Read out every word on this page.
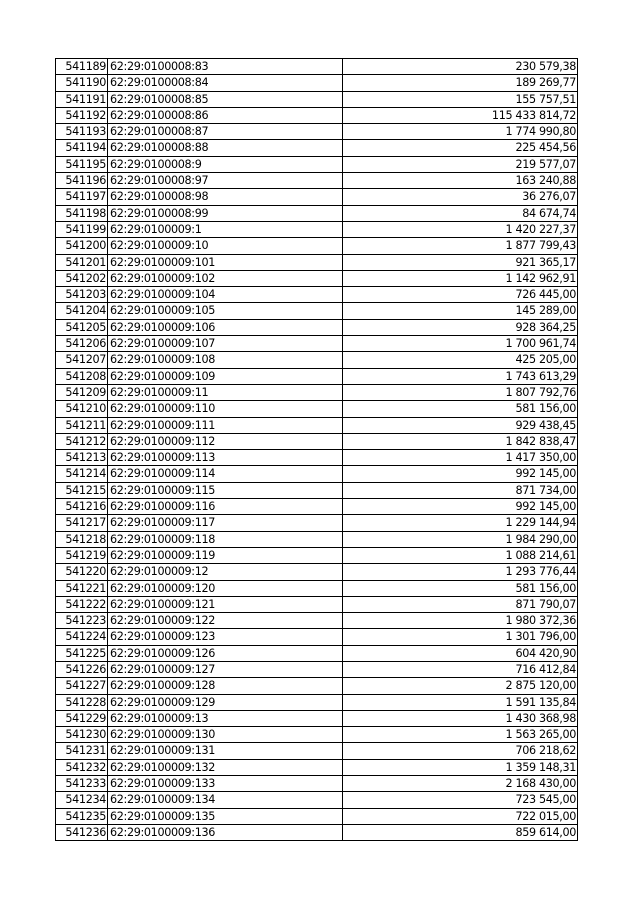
541189	62:29:0100008:83	230 579,38
541190	62:29:0100008:84	189 269,77
541191	62:29:0100008:85	155 757,51
541192	62:29:0100008:86	115 433 814,72
541193	62:29:0100008:87	1 774 990,80
541194	62:29:0100008:88	225 454,56
541195	62:29:0100008:9	219 577,07
541196	62:29:0100008:97	163 240,88
541197	62:29:0100008:98	36 276,07
541198	62:29:0100008:99	84 674,74
541199	62:29:0100009:1	1 420 227,37
541200	62:29:0100009:10	1 877 799,43
541201	62:29:0100009:101	921 365,17
541202	62:29:0100009:102	1 142 962,91
541203	62:29:0100009:104	726 445,00
541204	62:29:0100009:105	145 289,00
541205	62:29:0100009:106	928 364,25
541206	62:29:0100009:107	1 700 961,74
541207	62:29:0100009:108	425 205,00
541208	62:29:0100009:109	1 743 613,29
541209	62:29:0100009:11	1 807 792,76
541210	62:29:0100009:110	581 156,00
541211	62:29:0100009:111	929 438,45
541212	62:29:0100009:112	1 842 838,47
541213	62:29:0100009:113	1 417 350,00
541214	62:29:0100009:114	992 145,00
541215	62:29:0100009:115	871 734,00
541216	62:29:0100009:116	992 145,00
541217	62:29:0100009:117	1 229 144,94
541218	62:29:0100009:118	1 984 290,00
541219	62:29:0100009:119	1 088 214,61
541220	62:29:0100009:12	1 293 776,44
541221	62:29:0100009:120	581 156,00
541222	62:29:0100009:121	871 790,07
541223	62:29:0100009:122	1 980 372,36
541224	62:29:0100009:123	1 301 796,00
541225	62:29:0100009:126	604 420,90
541226	62:29:0100009:127	716 412,84
541227	62:29:0100009:128	2 875 120,00
541228	62:29:0100009:129	1 591 135,84
541229	62:29:0100009:13	1 430 368,98
541230	62:29:0100009:130	1 563 265,00
541231	62:29:0100009:131	706 218,62
541232	62:29:0100009:132	1 359 148,31
541233	62:29:0100009:133	2 168 430,00
541234	62:29:0100009:134	723 545,00
541235	62:29:0100009:135	722 015,00
541236	62:29:0100009:136	859 614,00
